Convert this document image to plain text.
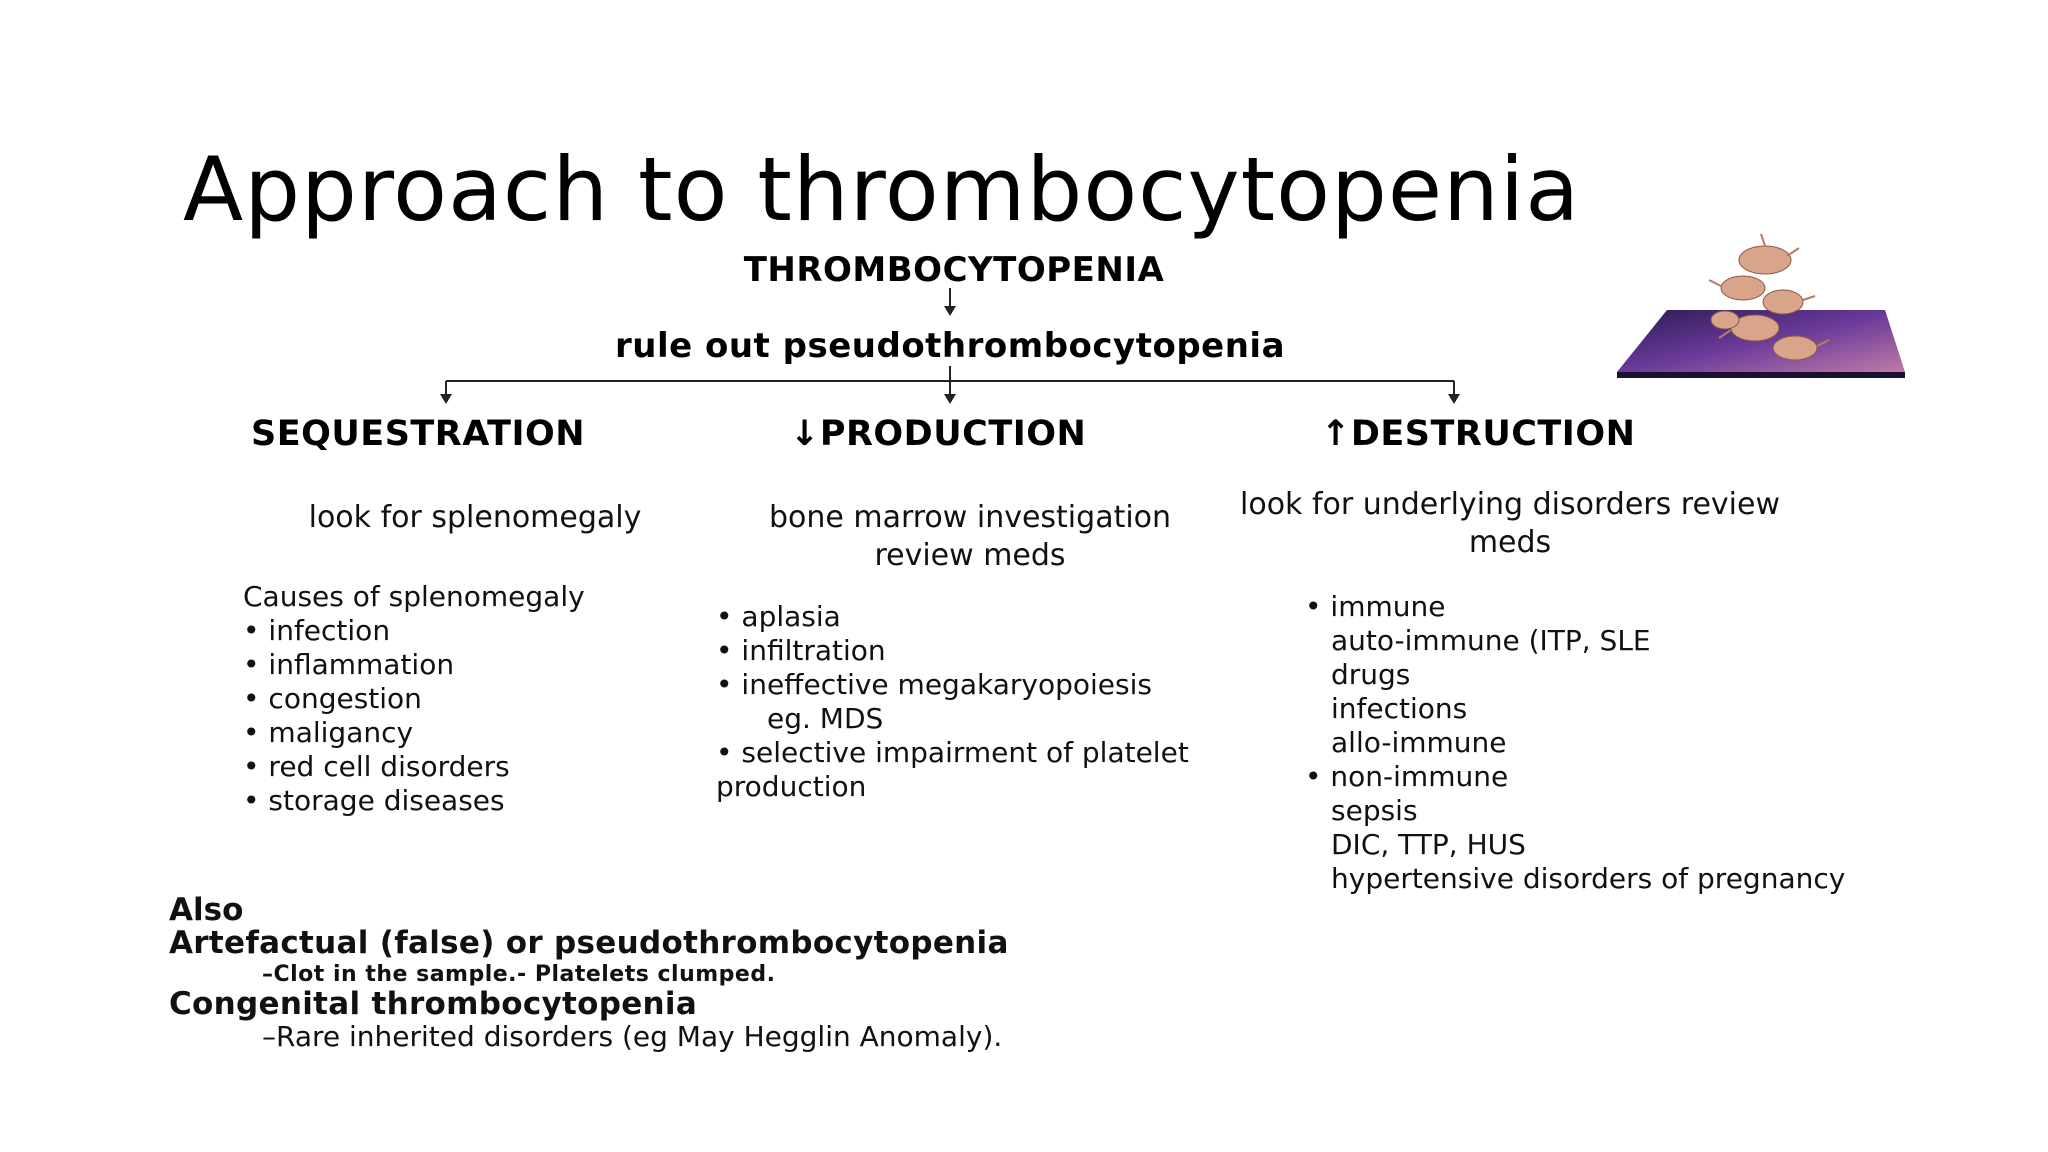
Approach to thrombocytopenia
THROMBOCYTOPENIA
rule out pseudothrombocytopenia
SEQUESTRATION	↓PRODUCTION	↑DESTRUCTION
look for splenomegaly	bone marrow investigation review meds
look for underlying disorders review meds
Causes of splenomegaly
• infection
• inflammation
• congestion
• maligancy
• red cell disorders
• storage diseases
• aplasia
• infiltration
• ineffective megakaryopoiesis
eg. MDS
• selective impairment of platelet
production
• immune
auto-immune (ITP, SLE
drugs
infections
allo-immune
• non-immune
sepsis
DIC, TTP, HUS
hypertensive disorders of pregnancy
Also
Artefactual (false) or pseudothrombocytopenia
–Clot in the sample.- Platelets clumped.
Congenital thrombocytopenia
–Rare inherited disorders (eg May Hegglin Anomaly).
